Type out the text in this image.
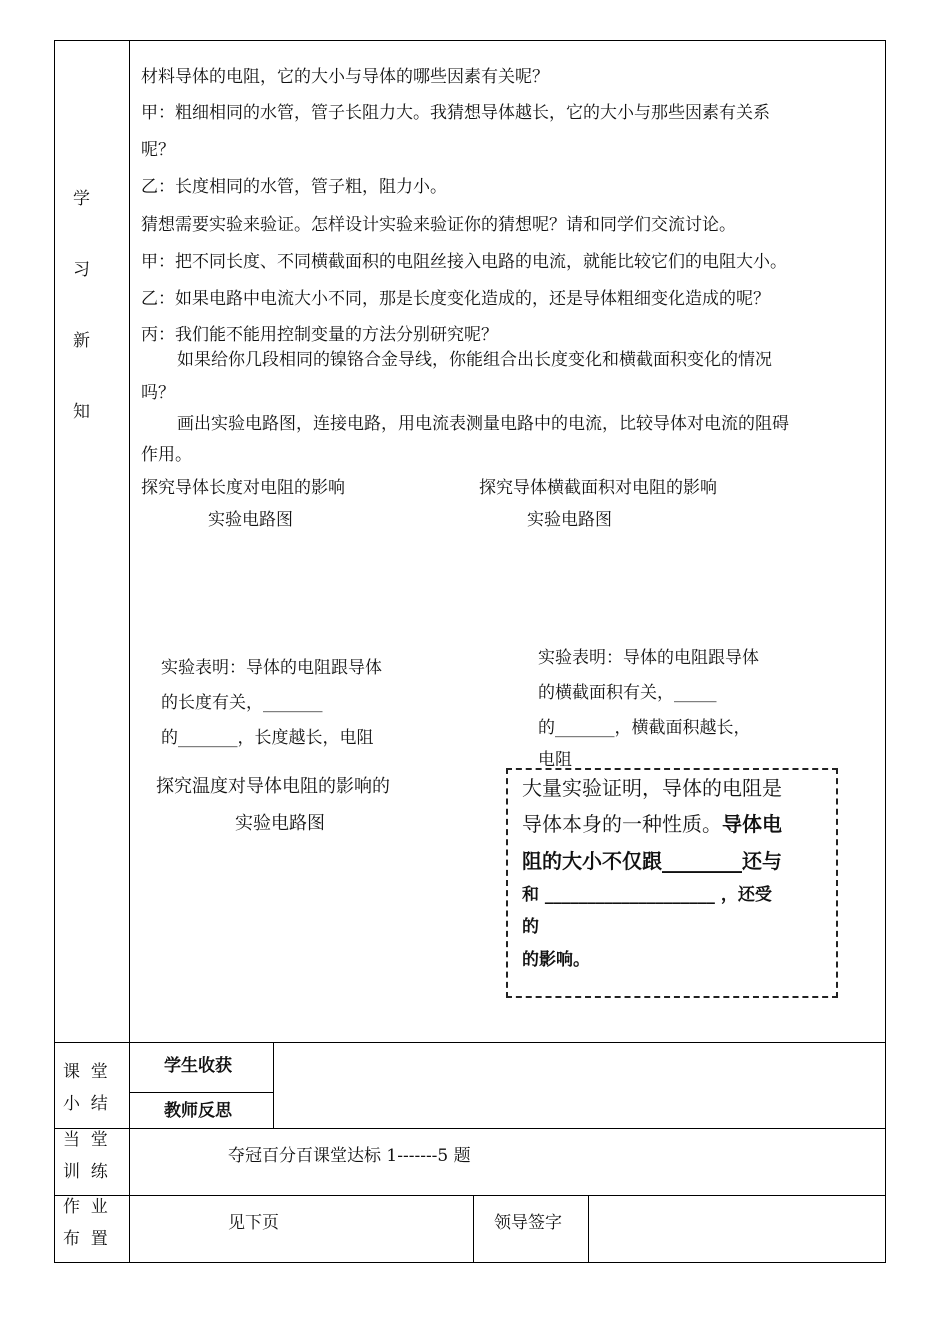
学
习
新
知
课  堂
小  结
当  堂
训  练
作  业
布  置
材料导体的电阻，它的大小与导体的哪些因素有关呢？
甲：粗细相同的水管，管子长阻力大。我猜想导体越长，它的大小与那些因素有关系
呢？
乙：长度相同的水管，管子粗，阻力小。
猜想需要实验来验证。怎样设计实验来验证你的猜想呢？请和同学们交流讨论。
甲：把不同长度、不同横截面积的电阻丝接入电路的电流，就能比较它们的电阻大小。
乙：如果电路中电流大小不同，那是长度变化造成的，还是导体粗细变化造成的呢？
丙：我们能不能用控制变量的方法分别研究呢？
如果给你几段相同的镍铬合金导线，你能组合出长度变化和横截面积变化的情况
吗？
画出实验电路图，连接电路，用电流表测量电路中的电流，比较导体对电流的阻碍
作用。
探究导体长度对电阻的影响
实验电路图
探究导体横截面积对电阻的影响
实验电路图
实验表明：导体的电阻跟导体
的长度有关，_______
的_______，长度越长，电阻
实验表明：导体的电阻跟导体
的横截面积有关，_____
的_______，横截面积越长，
电阻
探究温度对导体电阻的影响的
实验电路图
大量实验证明，导体的电阻是
导体本身的一种性质。导体电
阻的大小不仅跟________还与
和 ____________________ ，还受
的
的影响。
学生收获
教师反思
夺冠百分百课堂达标 1-------5 题
见下页	领导签字
